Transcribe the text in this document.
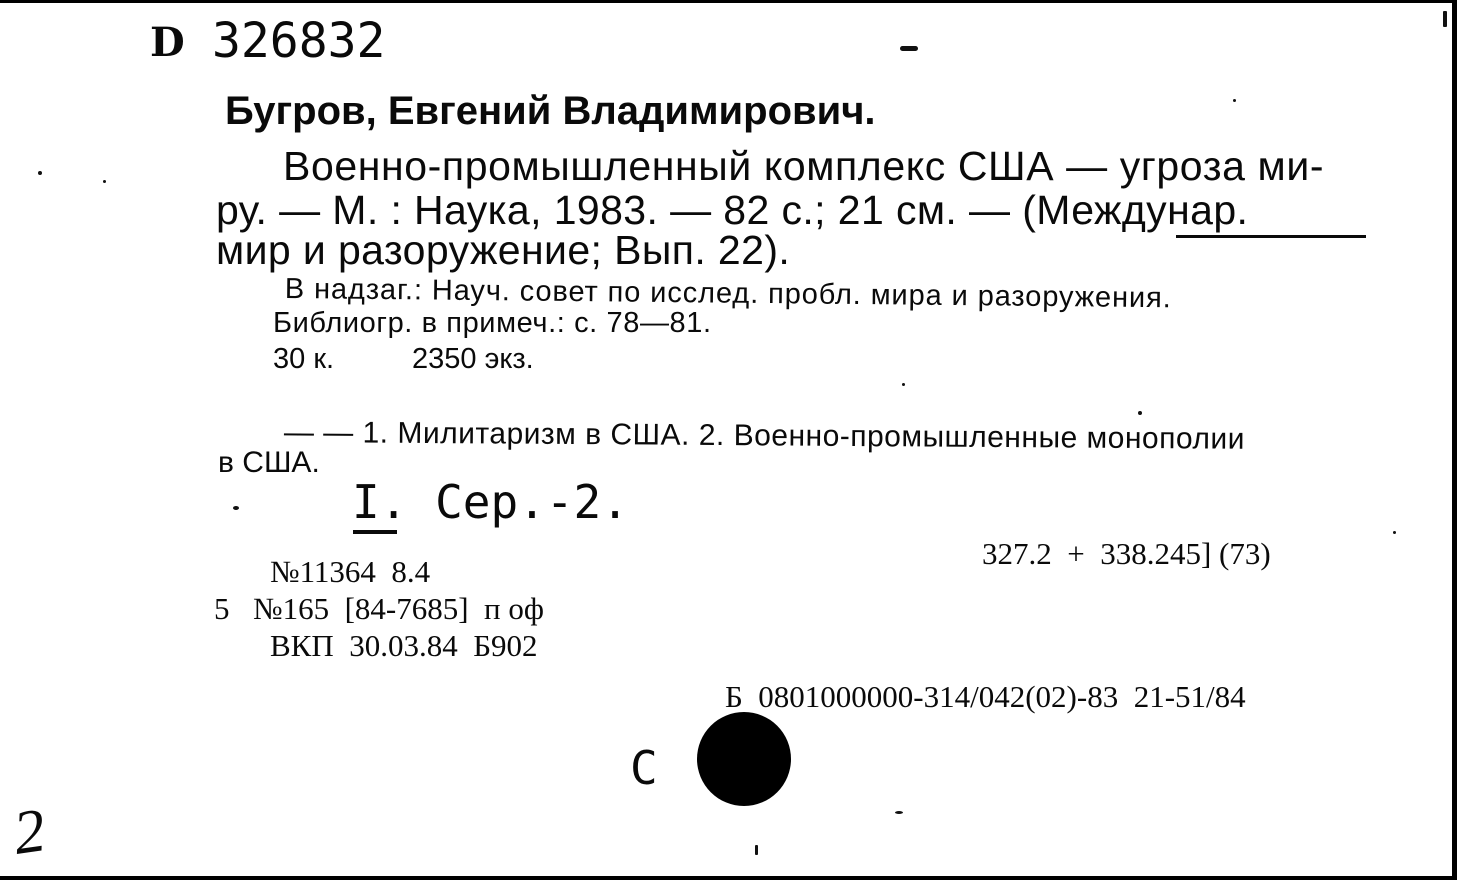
D 326832
Бугров, Евгений Владимирович.
Военно-промышленный комплекс США — угроза ми-
ру. — М. : Наука, 1983. — 82 с.; 21 см. — (Междунар.
мир и разоружение; Вып. 22).
В надзаг.: Науч. совет по исслед. пробл. мира и разоружения.
Библиогр. в примеч.: с. 78—81.
30 к.	2350 экз.
— — 1. Милитаризм в США. 2. Военно-промышленные монополии
в США.
I. Сер.-2.
327.2  +  338.245] (73)
№11364  8.4
5 №165  [84-7685]  п оф
ВКП  30.03.84  Б902
Б  0801000000-314/042(02)-83  21-51/84
С
2
